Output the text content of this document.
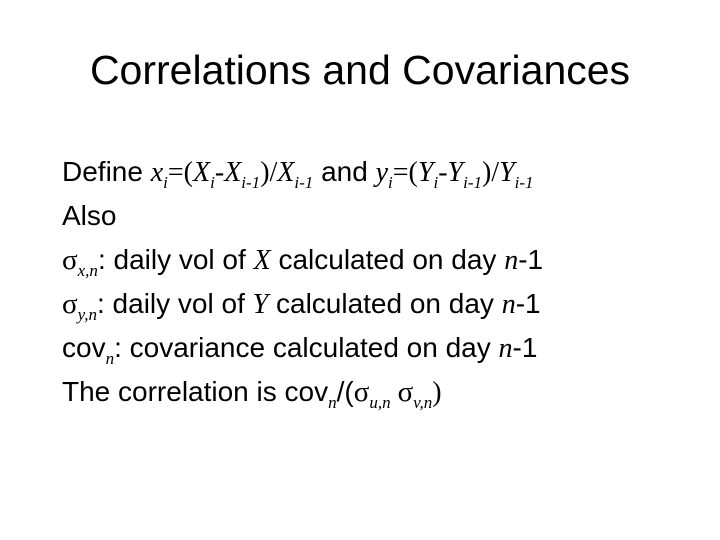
Correlations and Covariances
Define $x_i=(X_i-X_{i-1})/X_{i-1}$ and $y_i=(Y_i-Y_{i-1})/Y_{i-1}$
Also
$\sigma_{x,n}$: daily vol of X calculated on day n-1
$\sigma_{y,n}$: daily vol of Y calculated on day n-1
cov$_n$: covariance calculated on day n-1
The correlation is $cov_n/(\sigma_{u,n}$ $\sigma_{v,n}$)
